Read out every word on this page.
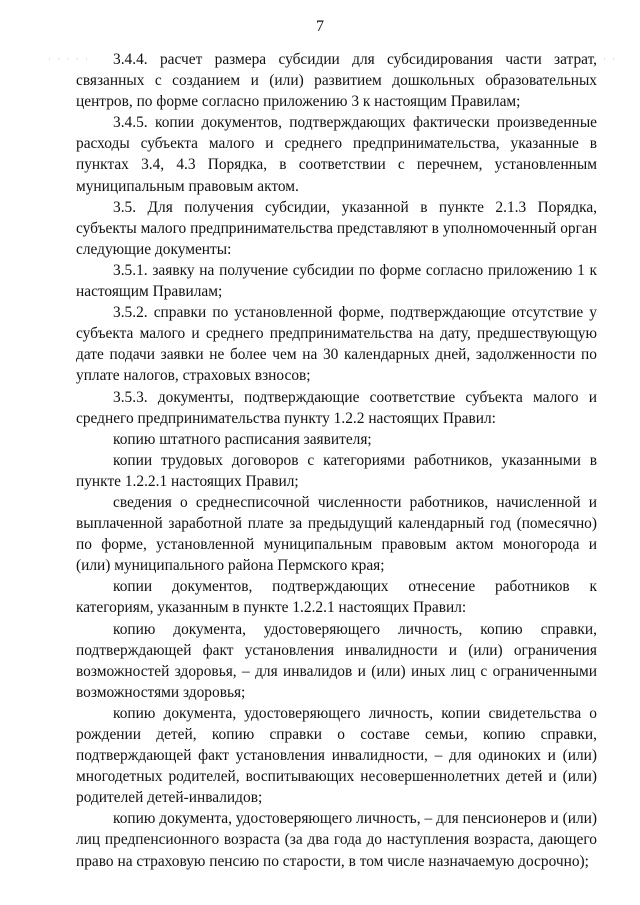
7
· · · · ·	· ·

3.4.4. расчет размера субсидии для субсидирования части затрат, связанных с созданием и (или) развитием дошкольных образовательных центров, по форме согласно приложению 3 к настоящим Правилам;

3.4.5. копии документов, подтверждающих фактически произведенные расходы субъекта малого и среднего предпринимательства, указанные в пунктах 3.4, 4.3 Порядка, в соответствии с перечнем, установленным муниципальным правовым актом.

3.5. Для получения субсидии, указанной в пункте 2.1.3 Порядка, субъекты малого предпринимательства представляют в уполномоченный орган следующие документы:

3.5.1. заявку на получение субсидии по форме согласно приложению 1 к настоящим Правилам;

3.5.2. справки по установленной форме, подтверждающие отсутствие у субъекта малого и среднего предпринимательства на дату, предшествующую дате подачи заявки не более чем на 30 календарных дней, задолженности по уплате налогов, страховых взносов;

3.5.3. документы, подтверждающие соответствие субъекта малого и среднего предпринимательства пункту 1.2.2 настоящих Правил:

копию штатного расписания заявителя;

копии трудовых договоров с категориями работников, указанными в пункте 1.2.2.1 настоящих Правил;

сведения о среднесписочной численности работников, начисленной и выплаченной заработной плате за предыдущий календарный год (помесячно) по форме, установленной муниципальным правовым актом моногорода и (или) муниципального района Пермского края;

копии документов, подтверждающих отнесение работников к категориям, указанным в пункте 1.2.2.1 настоящих Правил:

копию документа, удостоверяющего личность, копию справки, подтверждающей факт установления инвалидности и (или) ограничения возможностей здоровья, – для инвалидов и (или) иных лиц с ограниченными возможностями здоровья;

копию документа, удостоверяющего личность, копии свидетельства о рождении детей, копию справки о составе семьи, копию справки, подтверждающей факт установления инвалидности, – для одиноких и (или) многодетных родителей, воспитывающих несовершеннолетних детей и (или) родителей детей-инвалидов;

копию документа, удостоверяющего личность, – для пенсионеров и (или) лиц предпенсионного возраста (за два года до наступления возраста, дающего право на страховую пенсию по старости, в том числе назначаемую досрочно);
